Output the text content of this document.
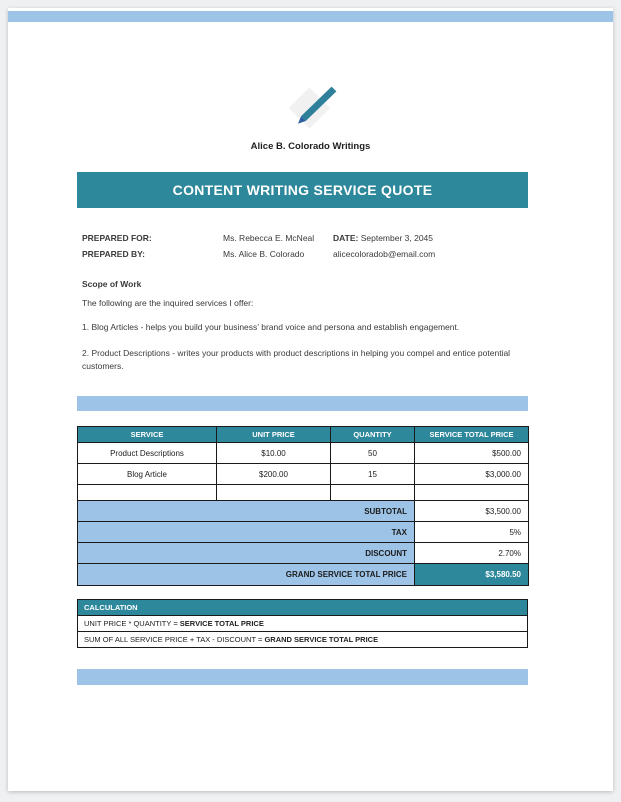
Alice B. Colorado Writings
CONTENT WRITING SERVICE QUOTE
PREPARED FOR:	Ms. Rebecca E. McNeal	DATE: September 3, 2045
PREPARED BY:	Ms. Alice B. Colorado	alicecoloradob@email.com
Scope of Work
The following are the inquired services I offer:
1. Blog Articles - helps you build your business’ brand voice and persona and establish engagement.
2. Product Descriptions - writes your products with product descriptions in helping you compel and entice potential customers.
SERVICE	UNIT PRICE	QUANTITY	SERVICE TOTAL PRICE
Product Descriptions	$10.00	50	$500.00
Blog Article	$200.00	15	$3,000.00

SUBTOTAL			$3,500.00
TAX			5%
DISCOUNT			2.70%
GRAND SERVICE TOTAL PRICE			$3,580.50
CALCULATION
UNIT PRICE * QUANTITY = SERVICE TOTAL PRICE
SUM OF ALL SERVICE PRICE + TAX - DISCOUNT = GRAND SERVICE TOTAL PRICE
